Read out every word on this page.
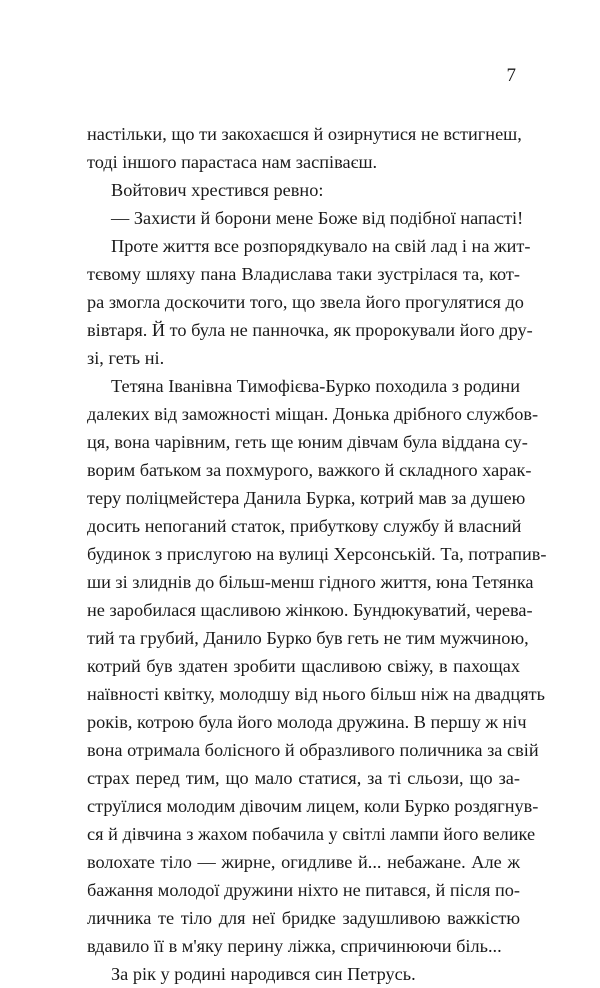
7
настільки, що ти закохаєшся й озирнутися не встигнеш,
тоді іншого парастаса нам заспіваєш.
Войтович хрестився ревно:
— Захисти й борони мене Боже від подібної напасті!
Проте життя все розпорядкувало на свій лад і на жит-
тєвому шляху пана Владислава таки зустрілася та, кот-
ра змогла доскочити того, що звела його прогулятися до
вівтаря. Й то була не панночка, як пророкували його дру-
зі, геть ні.
Тетяна Іванівна Тимофієва-Бурко походила з родини
далеких від заможності міщан. Донька дрібного службов-
ця, вона чарівним, геть ще юним дівчам була віддана су-
ворим батьком за похмурого, важкого й складного харак-
теру поліцмейстера Данила Бурка, котрий мав за душею
досить непоганий статок, прибуткову службу й власний
будинок з прислугою на вулиці Херсонській. Та, потрапив-
ши зі злиднів до більш-менш гідного життя, юна Тетянка
не заробилася щасливою жінкою. Бундюкуватий, черева-
тий та грубий, Данило Бурко був геть не тим мужчиною,
котрий був здатен зробити щасливою свіжу, в пахощах
наївності квітку, молодшу від нього більш ніж на двадцять
років, котрою була його молода дружина. В першу ж ніч
вона отримала болісного й образливого поличника за свій
страх перед тим, що мало статися, за ті сльози, що за-
струїлися молодим дівочим лицем, коли Бурко роздягнув-
ся й дівчина з жахом побачила у світлі лампи його велике
волохате тіло — жирне, огидливе й... небажане. Але ж
бажання молодої дружини ніхто не питався, й після по-
личника те тіло для неї бридке задушливою важкістю
вдавило її в м'яку перину ліжка, спричинюючи біль...
За рік у родині народився син Петрусь.
